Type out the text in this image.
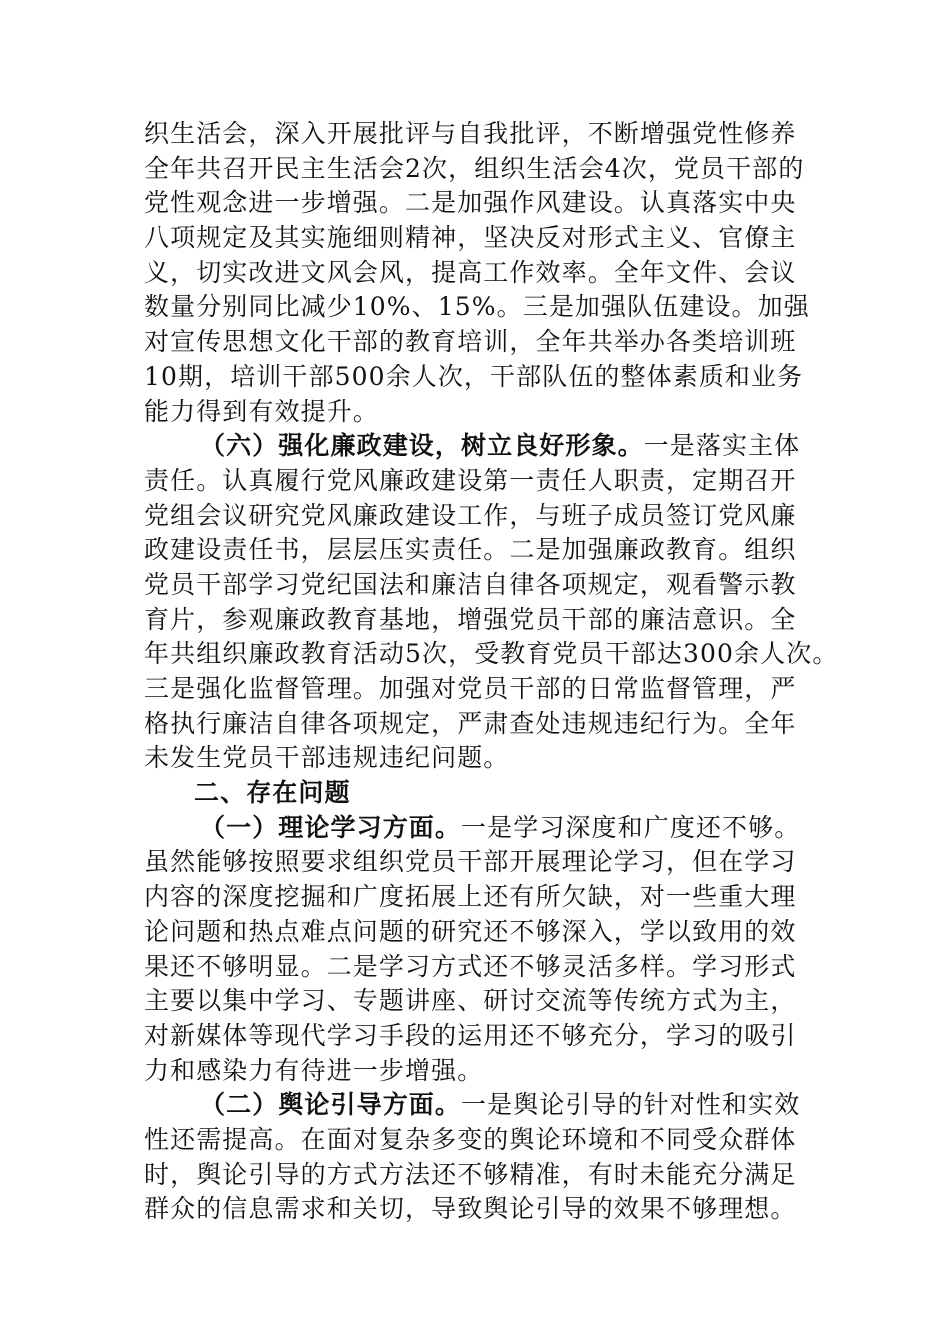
织生活会，深入开展批评与自我批评，不断增强党性修养
全年共召开民主生活会2次，组织生活会4次，党员干部的
党性观念进一步增强。二是加强作风建设。认真落实中央
八项规定及其实施细则精神，坚决反对形式主义、官僚主
义，切实改进文风会风，提高工作效率。全年文件、会议
数量分别同比减少10%、15%。三是加强队伍建设。加强
对宣传思想文化干部的教育培训，全年共举办各类培训班
10期，培训干部500余人次，干部队伍的整体素质和业务
能力得到有效提升。
（六）强化廉政建设，树立良好形象。一是落实主体
责任。认真履行党风廉政建设第一责任人职责，定期召开
党组会议研究党风廉政建设工作，与班子成员签订党风廉
政建设责任书，层层压实责任。二是加强廉政教育。组织
党员干部学习党纪国法和廉洁自律各项规定，观看警示教
育片，参观廉政教育基地，增强党员干部的廉洁意识。全
年共组织廉政教育活动5次，受教育党员干部达300余人次。
三是强化监督管理。加强对党员干部的日常监督管理，严
格执行廉洁自律各项规定，严肃查处违规违纪行为。全年
未发生党员干部违规违纪问题。
二、存在问题
（一）理论学习方面。一是学习深度和广度还不够。
虽然能够按照要求组织党员干部开展理论学习，但在学习
内容的深度挖掘和广度拓展上还有所欠缺，对一些重大理
论问题和热点难点问题的研究还不够深入，学以致用的效
果还不够明显。二是学习方式还不够灵活多样。学习形式
主要以集中学习、专题讲座、研讨交流等传统方式为主，
对新媒体等现代学习手段的运用还不够充分，学习的吸引
力和感染力有待进一步增强。
（二）舆论引导方面。一是舆论引导的针对性和实效
性还需提高。在面对复杂多变的舆论环境和不同受众群体
时，舆论引导的方式方法还不够精准，有时未能充分满足
群众的信息需求和关切，导致舆论引导的效果不够理想。
